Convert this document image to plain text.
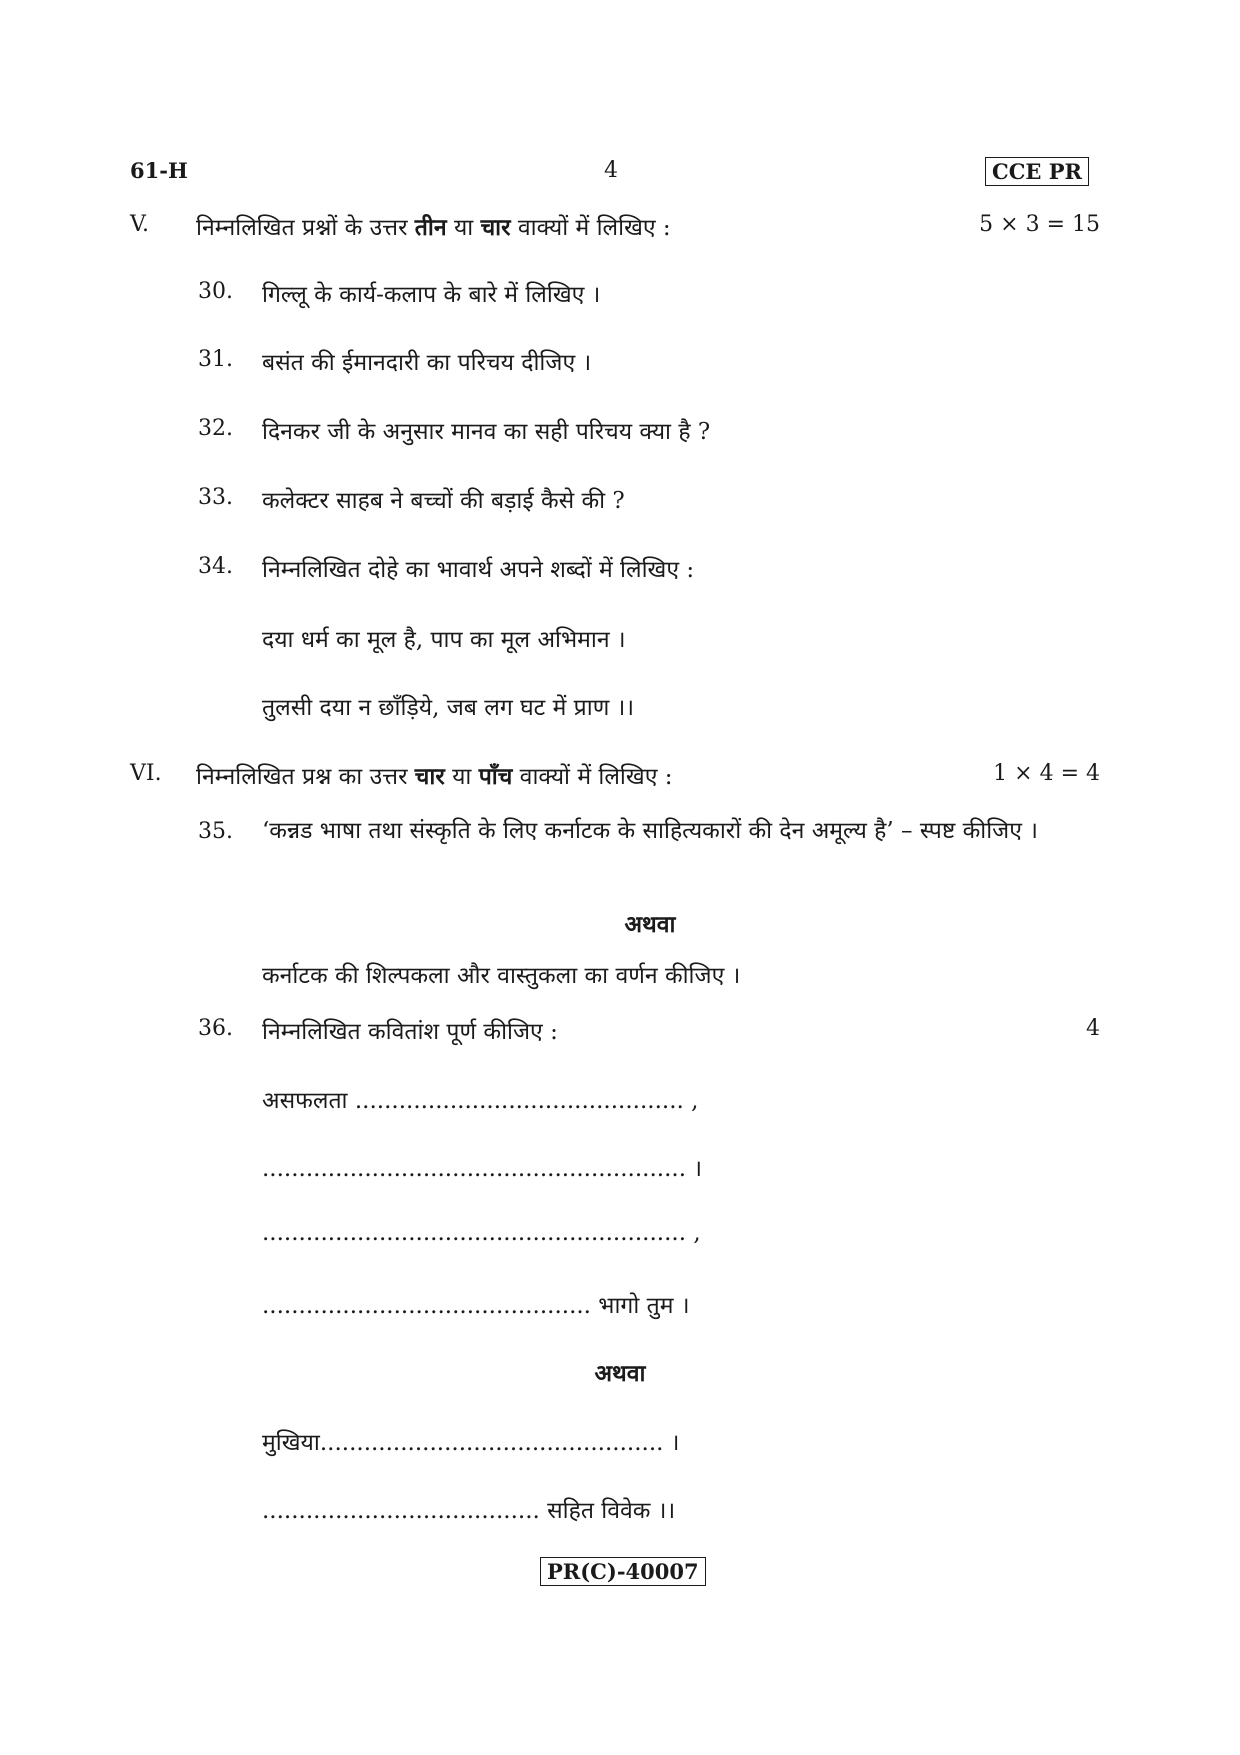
61-H	4	CCE PR
V. निम्नलिखित प्रश्नों के उत्तर तीन या चार वाक्यों में लिखिए :	5 × 3 = 15
30. गिल्लू के कार्य-कलाप के बारे में लिखिए ।
31. बसंत की ईमानदारी का परिचय दीजिए ।
32. दिनकर जी के अनुसार मानव का सही परिचय क्या है ?
33. कलेक्टर साहब ने बच्चों की बड़ाई कैसे की ?
34. निम्नलिखित दोहे का भावार्थ अपने शब्दों में लिखिए :
दया धर्म का मूल है, पाप का मूल अभिमान ।
तुलसी दया न छाँड़िये, जब लग घट में प्राण ।।
VI. निम्नलिखित प्रश्न का उत्तर चार या पाँच वाक्यों में लिखिए :	1 × 4 = 4
35. ‘कन्नड भाषा तथा संस्कृति के लिए कर्नाटक के साहित्यकारों की देन अमूल्य है’ – स्पष्ट कीजिए ।
अथवा
कर्नाटक की शिल्पकला और वास्तुकला का वर्णन कीजिए ।
36. निम्नलिखित कवितांश पूर्ण कीजिए :	4
असफलता ............................................. ,
.......................................................... ।
.......................................................... ,
............................................. भागो तुम ।
अथवा
मुखिया............................................... ।
...................................... सहित विवेक ।।
PR(C)-40007
